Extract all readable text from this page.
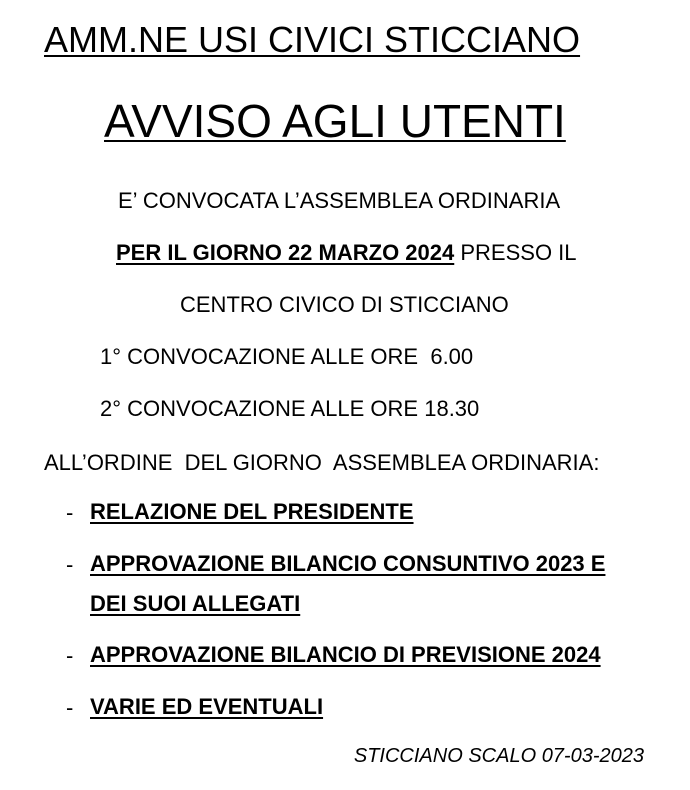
AMM.NE USI CIVICI STICCIANO
AVVISO AGLI UTENTI

E’ CONVOCATA L’ASSEMBLEA ORDINARIA

PER IL GIORNO 22 MARZO 2024 PRESSO IL

CENTRO CIVICO DI STICCIANO

1° CONVOCAZIONE ALLE ORE  6.00

2° CONVOCAZIONE ALLE ORE 18.30

ALL’ORDINE  DEL GIORNO  ASSEMBLEA ORDINARIA:

- RELAZIONE DEL PRESIDENTE
- APPROVAZIONE BILANCIO CONSUNTIVO 2023 E
DEI SUOI ALLEGATI
- APPROVAZIONE BILANCIO DI PREVISIONE 2024
- VARIE ED EVENTUALI

STICCIANO SCALO 07-03-2023
